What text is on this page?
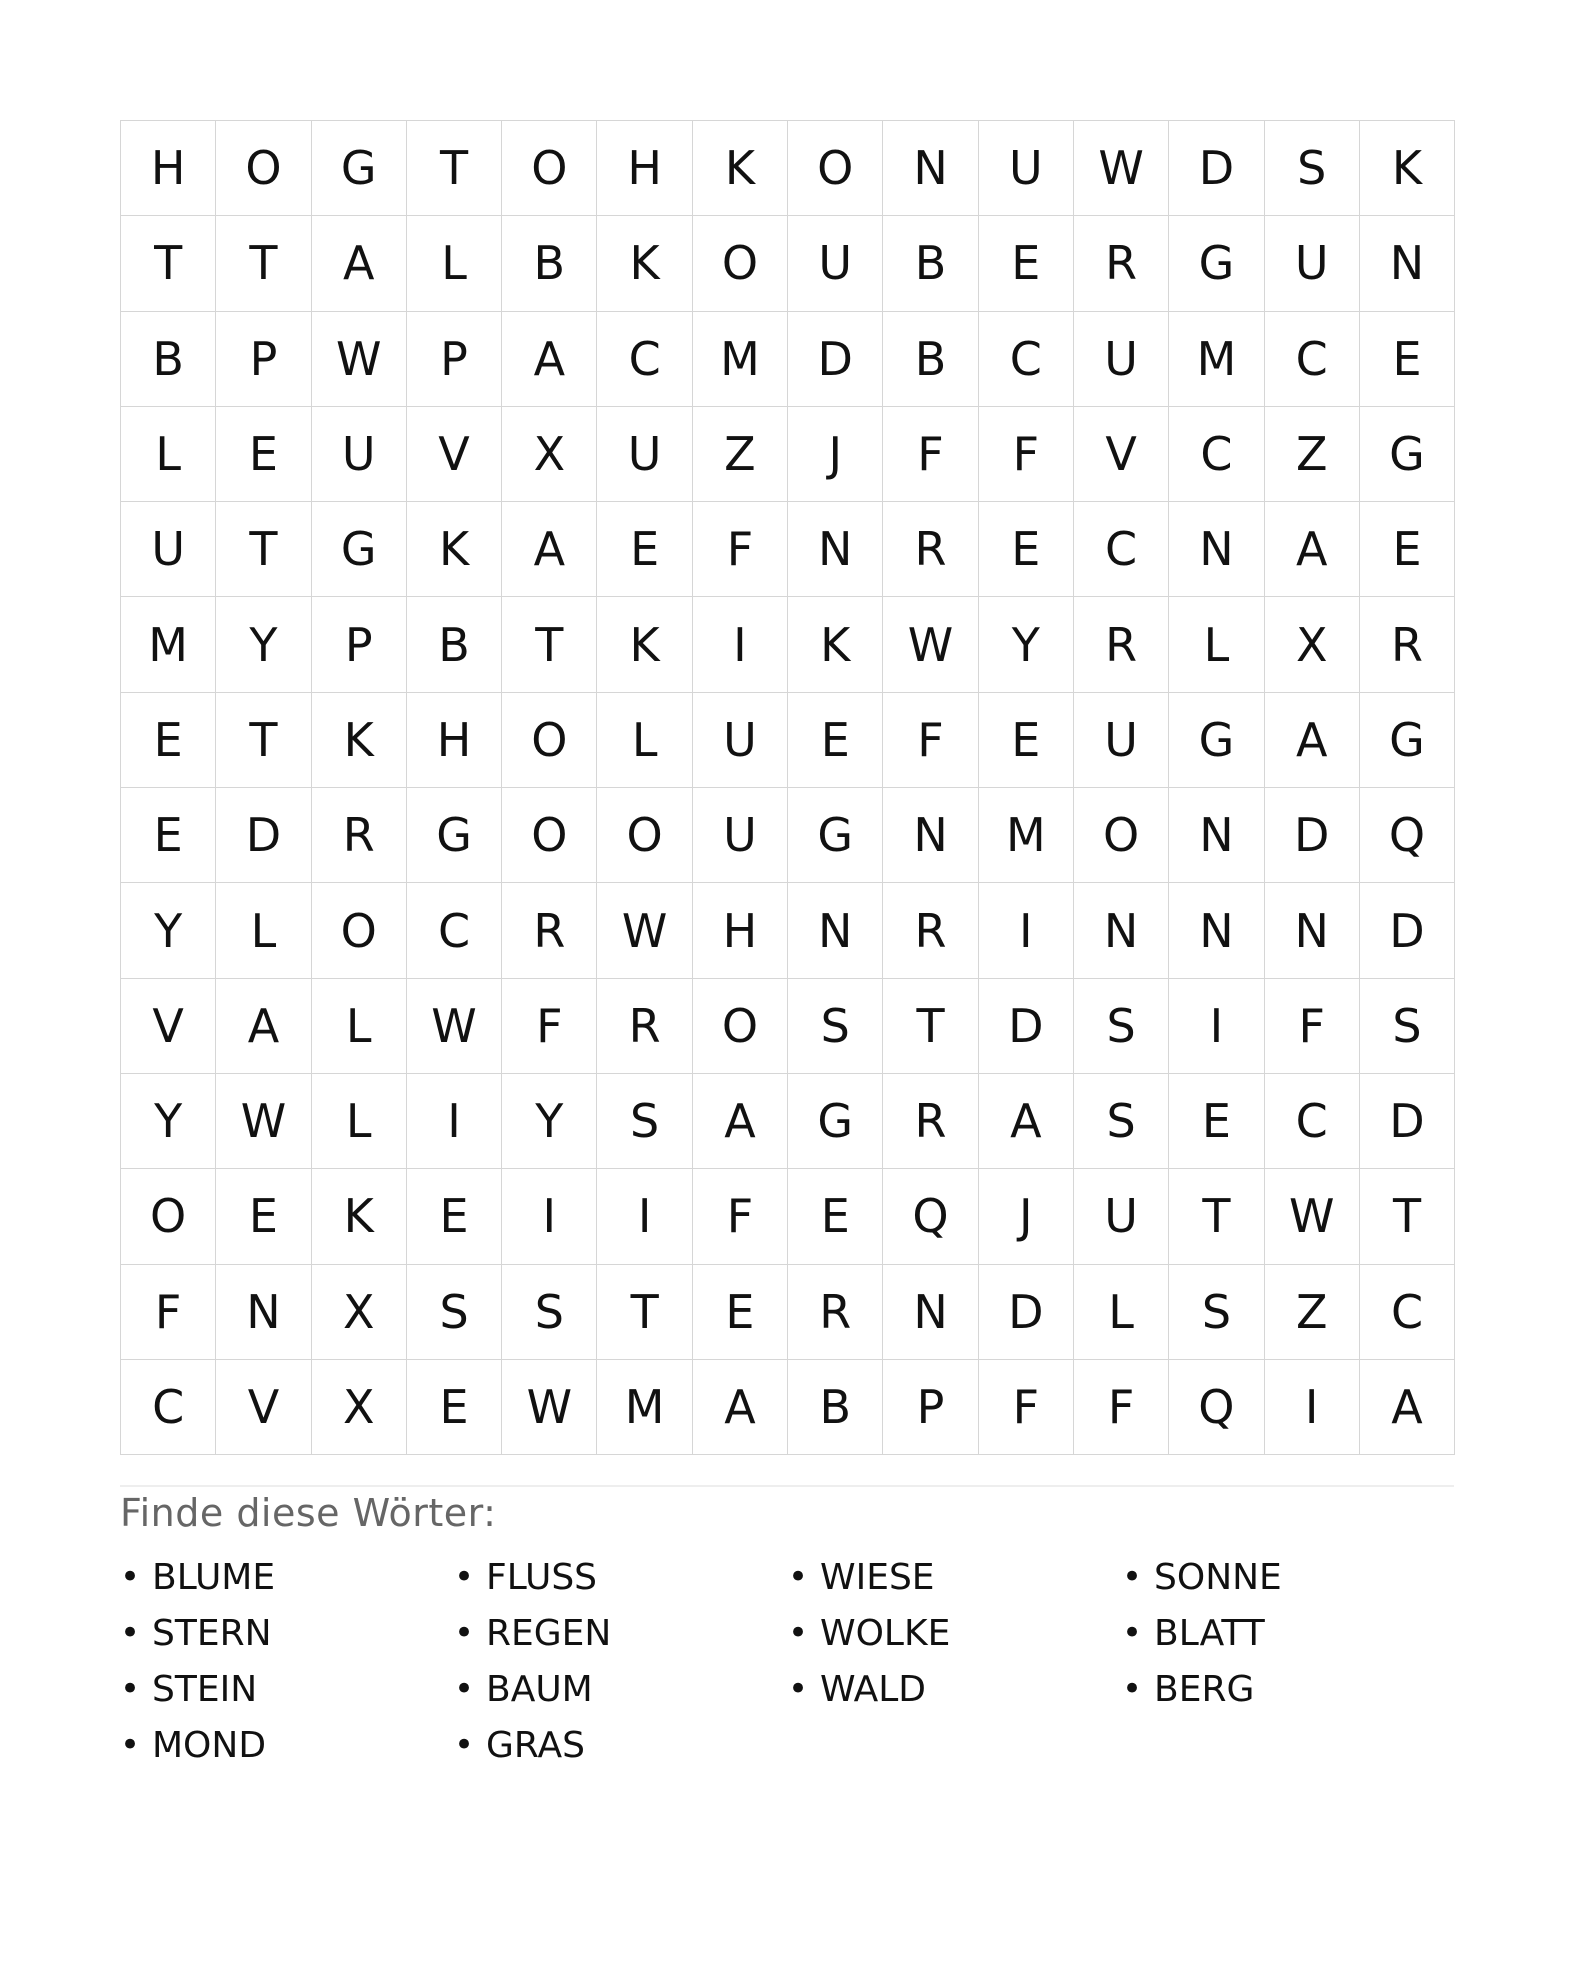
H	O	G	T	O	H	K	O	N	U	W	D	S	K
T	T	A	L	B	K	O	U	B	E	R	G	U	N
B	P	W	P	A	C	M	D	B	C	U	M	C	E
L	E	U	V	X	U	Z	J	F	F	V	C	Z	G
U	T	G	K	A	E	F	N	R	E	C	N	A	E
M	Y	P	B	T	K	I	K	W	Y	R	L	X	R
E	T	K	H	O	L	U	E	F	E	U	G	A	G
E	D	R	G	O	O	U	G	N	M	O	N	D	Q
Y	L	O	C	R	W	H	N	R	I	N	N	N	D
V	A	L	W	F	R	O	S	T	D	S	I	F	S
Y	W	L	I	Y	S	A	G	R	A	S	E	C	D
O	E	K	E	I	I	F	E	Q	J	U	T	W	T
F	N	X	S	S	T	E	R	N	D	L	S	Z	C
C	V	X	E	W	M	A	B	P	F	F	Q	I	A
Finde diese Wörter:
• BLUME	• FLUSS	• WIESE	• SONNE
• STERN	• REGEN	• WOLKE	• BLATT
• STEIN	• BAUM	• WALD	• BERG
• MOND	• GRAS
